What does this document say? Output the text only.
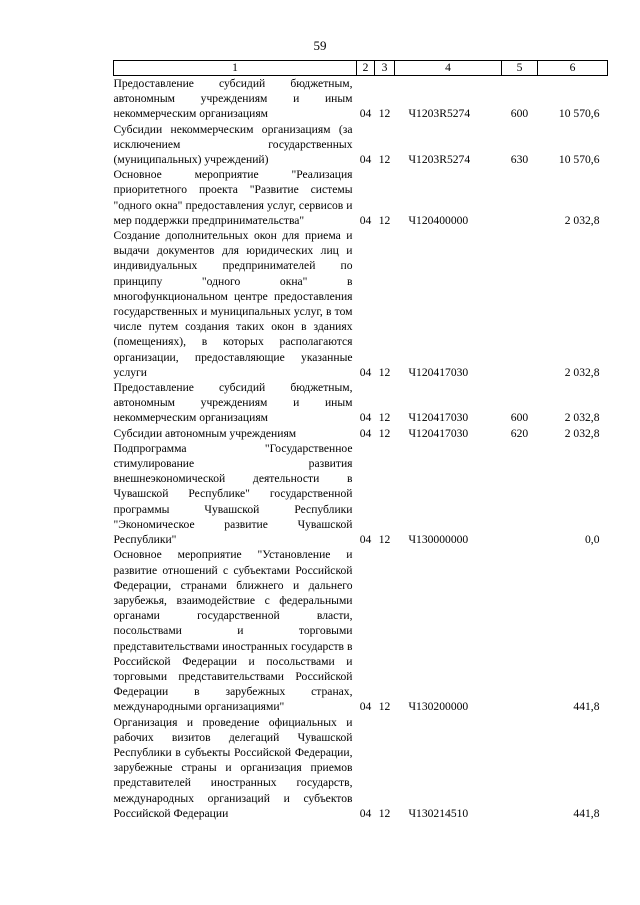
59
1	2	3	4	5	6
Предоставление субсидий бюджетным, автономным учреждениям и иным некоммерческим организациям	04	12	Ч1203R5274	600	10 570,6
Субсидии некоммерческим организациям (за исключением государственных (муниципальных) учреждений)	04	12	Ч1203R5274	630	10 570,6
Основное мероприятие "Реализация приоритетного проекта "Развитие системы "одного окна" предоставления услуг, сервисов и мер поддержки предпринимательства"	04	12	Ч120400000		2 032,8
Создание дополнительных окон для приема и выдачи документов для юридических лиц и индивидуальных предпринимателей по принципу "одного окна" в многофункциональном центре предоставления государственных и муниципальных услуг, в том числе путем создания таких окон в зданиях (помещениях), в которых располагаются организации, предоставляющие указанные услуги	04	12	Ч120417030		2 032,8
Предоставление субсидий бюджетным, автономным учреждениям и иным некоммерческим организациям	04	12	Ч120417030	600	2 032,8
Субсидии автономным учреждениям	04	12	Ч120417030	620	2 032,8
Подпрограмма "Государственное стимулирование развития внешнеэкономической деятельности в Чувашской Республике" государственной программы Чувашской Республики "Экономическое развитие Чувашской Республики"	04	12	Ч130000000		0,0
Основное мероприятие "Установление и развитие отношений с субъектами Российской Федерации, странами ближнего и дальнего зарубежья, взаимодействие с федеральными органами государственной власти, посольствами и торговыми представительствами иностранных государств в Российской Федерации и посольствами и торговыми представительствами Российской Федерации в зарубежных странах, международными организациями"	04	12	Ч130200000		441,8
Организация и проведение официальных и рабочих визитов делегаций Чувашской Республики в субъекты Российской Федерации, зарубежные страны и организация приемов представителей иностранных государств, международных организаций и субъектов Российской Федерации	04	12	Ч130214510		441,8
